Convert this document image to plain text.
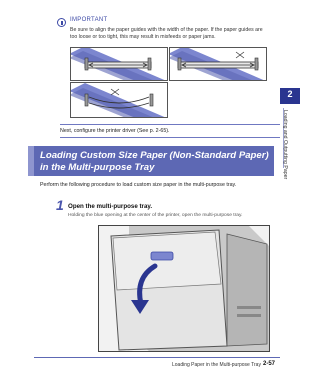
IMPORTANT
Be sure to align the paper guides with the width of the paper. If the paper guides are too loose or too tight, this may result in misfeeds or paper jams.
Next, configure the printer driver (See p. 2-65).
Loading Custom Size Paper (Non-Standard Paper) in the Multi-purpose Tray
Perform the following procedure to load custom size paper in the multi-purpose tray.
1 Open the multi-purpose tray.
Holding the blue opening at the center of the printer, open the multi-purpose tray.
2
Loading and Outputting Paper
Loading Paper in the Multi-purpose Tray 2-57
